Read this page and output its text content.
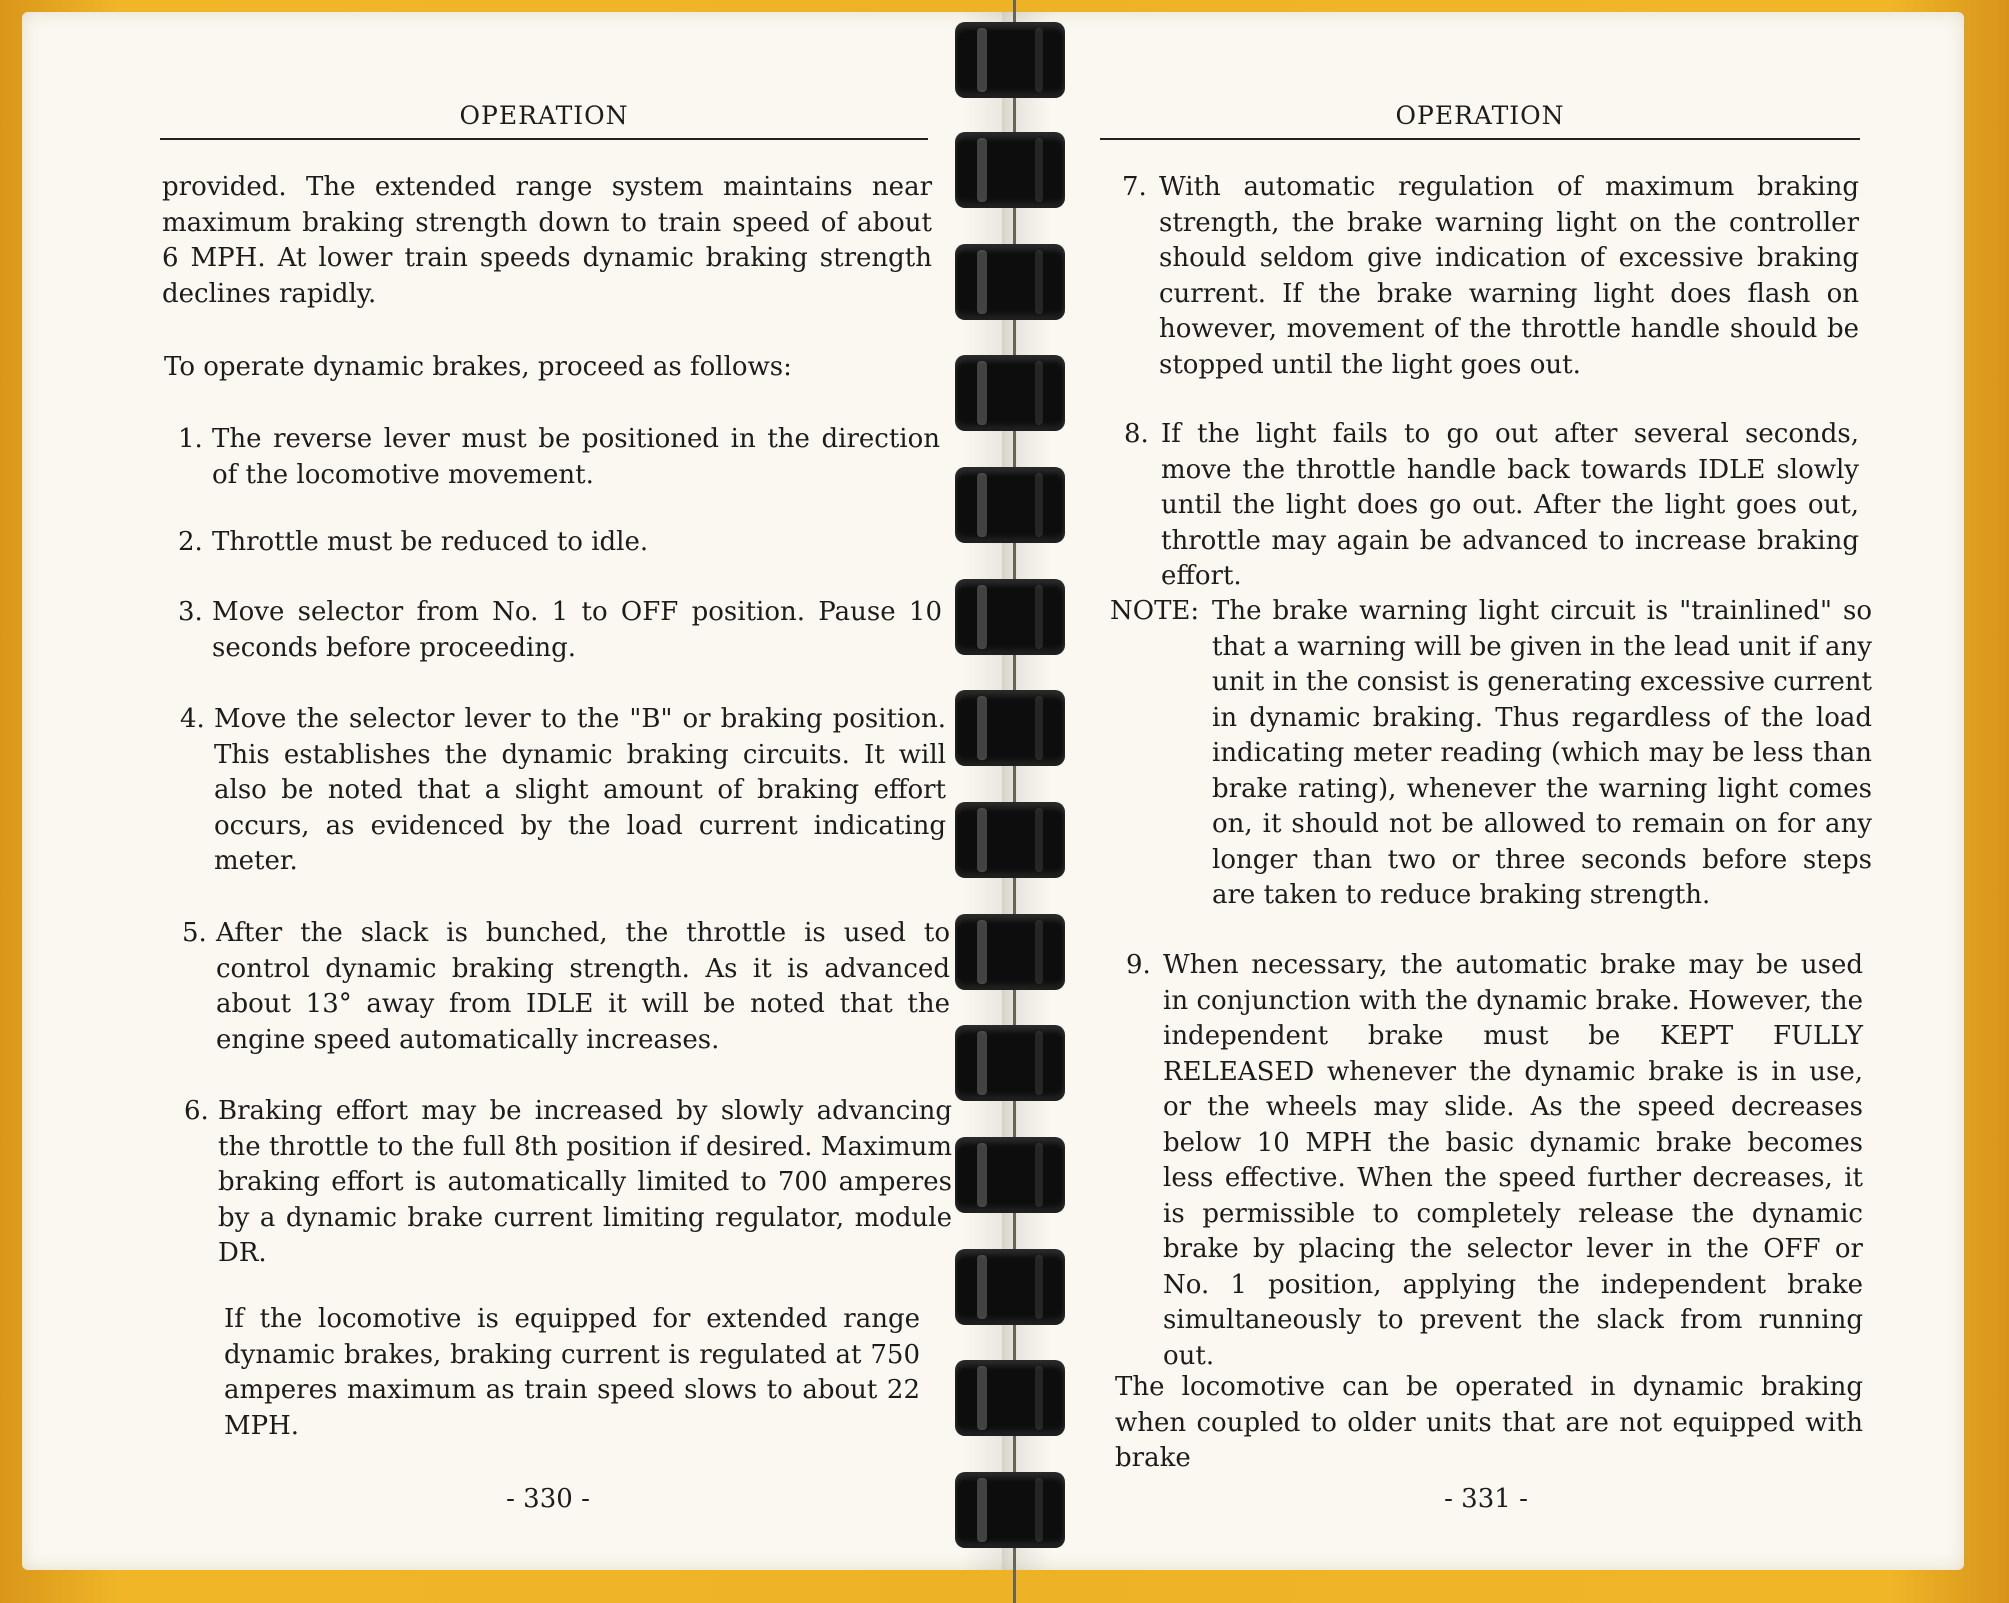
OPERATION

provided. The extended range system maintains near maximum braking strength down to train speed of about 6 MPH. At lower train speeds dynamic braking strength declines rapidly.

To operate dynamic brakes, proceed as follows:

1. The reverse lever must be positioned in the direction of the locomotive movement.

2. Throttle must be reduced to idle.

3. Move selector from No. 1 to OFF position. Pause 10 seconds before proceeding.

4. Move the selector lever to the "B" or braking position. This establishes the dynamic braking circuits. It will also be noted that a slight amount of braking effort occurs, as evidenced by the load current indicating meter.

5. After the slack is bunched, the throttle is used to control dynamic braking strength. As it is advanced about 13° away from IDLE it will be noted that the engine speed automatically increases.

6. Braking effort may be increased by slowly advancing the throttle to the full 8th position if desired. Maximum braking effort is automatically limited to 700 amperes by a dynamic brake current limiting regulator, module DR.

If the locomotive is equipped for extended range dynamic brakes, braking current is regulated at 750 amperes maximum as train speed slows to about 22 MPH.

- 330 -
OPERATION
7. With automatic regulation of maximum braking strength, the brake warning light on the controller should seldom give indication of excessive braking current. If the brake warning light does flash on however, movement of the throttle handle should be stopped until the light goes out.

8. If the light fails to go out after several seconds, move the throttle handle back towards IDLE slowly until the light does go out. After the light goes out, throttle may again be advanced to increase braking effort.

NOTE: The brake warning light circuit is "trainlined" so that a warning will be given in the lead unit if any unit in the consist is generating excessive current in dynamic braking. Thus regardless of the load indicating meter reading (which may be less than brake rating), whenever the warning light comes on, it should not be allowed to remain on for any longer than two or three seconds before steps are taken to reduce braking strength.

9. When necessary, the automatic brake may be used in conjunction with the dynamic brake. However, the independent brake must be KEPT FULLY RELEASED whenever the dynamic brake is in use, or the wheels may slide. As the speed decreases below 10 MPH the basic dynamic brake becomes less effective. When the speed further decreases, it is permissible to completely release the dynamic brake by placing the selector lever in the OFF or No. 1 position, applying the independent brake simultaneously to prevent the slack from running out.

The locomotive can be operated in dynamic braking when coupled to older units that are not equipped with brake

- 331 -
